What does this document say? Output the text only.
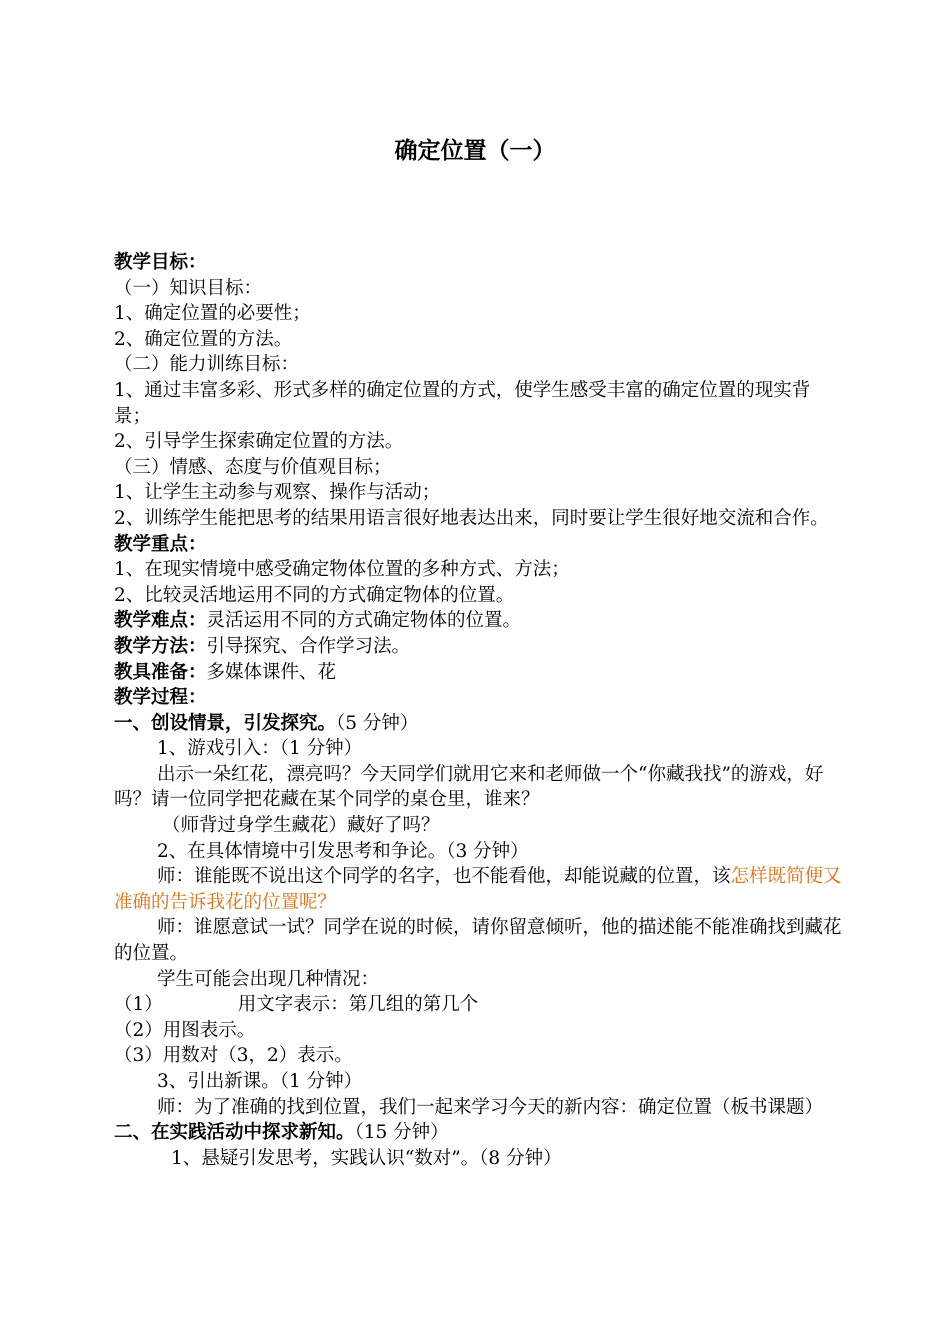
确定位置（一）

教学目标：

（一）知识目标：

1、确定位置的必要性；

2、确定位置的方法。

（二）能力训练目标：

1、通过丰富多彩、形式多样的确定位置的方式，使学生感受丰富的确定位置的现实背景；

2、引导学生探索确定位置的方法。

（三）情感、态度与价值观目标；

1、让学生主动参与观察、操作与活动；

2、训练学生能把思考的结果用语言很好地表达出来，同时要让学生很好地交流和合作。

教学重点：

1、在现实情境中感受确定物体位置的多种方式、方法；

2、比较灵活地运用不同的方式确定物体的位置。

教学难点：灵活运用不同的方式确定物体的位置。

教学方法：引导探究、合作学习法。

教具准备：多媒体课件、花

教学过程：

一、创设情景，引发探究。（5 分钟）

1、游戏引入：（1 分钟）

出示一朵红花，漂亮吗？今天同学们就用它来和老师做一个“你藏我找”的游戏，好吗？请一位同学把花藏在某个同学的桌仓里，谁来？

（师背过身学生藏花）藏好了吗？

2、在具体情境中引发思考和争论。（3 分钟）

师：谁能既不说出这个同学的名字，也不能看他，却能说藏的位置，该怎样既简便又准确的告诉我花的位置呢？

师：谁愿意试一试？同学在说的时候，请你留意倾听，他的描述能不能准确找到藏花的位置。

学生可能会出现几种情况：

（1）	用文字表示：第几组的第几个

（2）用图表示。

（3）用数对（3，2）表示。

3、引出新课。（1 分钟）

师：为了准确的找到位置，我们一起来学习今天的新内容：确定位置（板书课题）

二、在实践活动中探求新知。（15 分钟）

1、悬疑引发思考，实践认识“数对”。（8 分钟）
